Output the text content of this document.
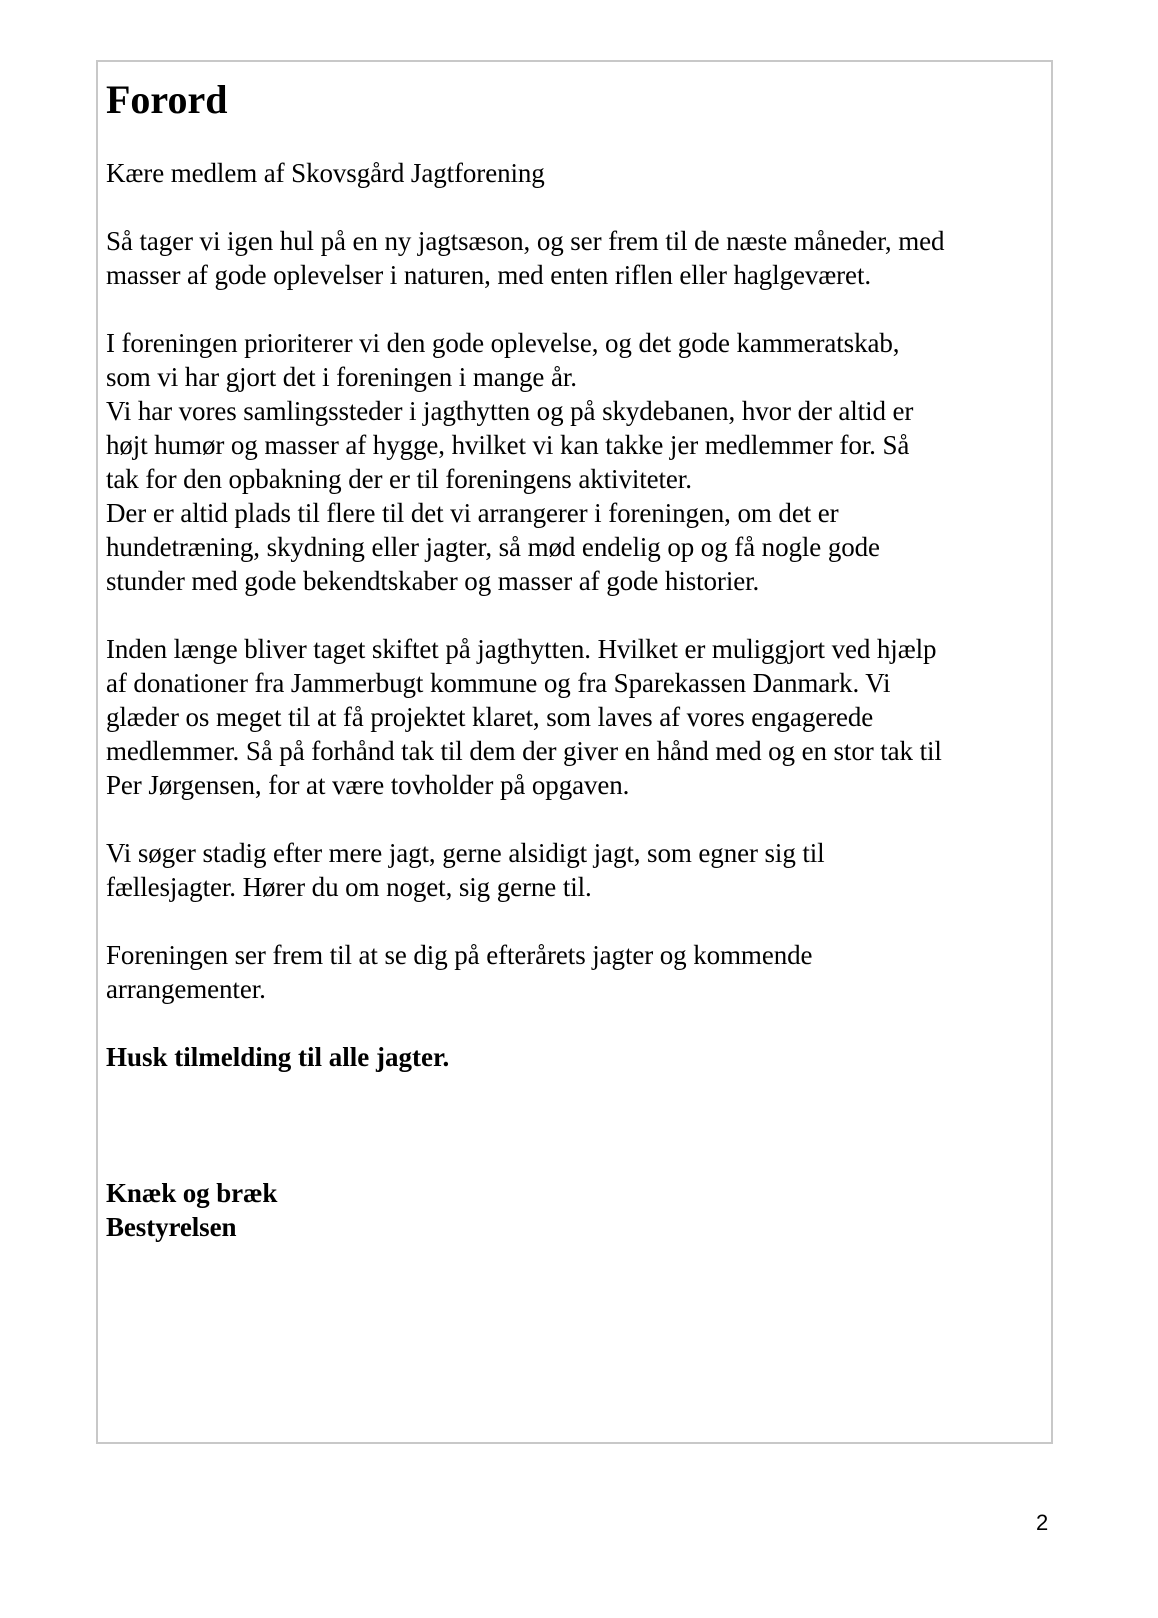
Forord

Kære medlem af Skovsgård Jagtforening

Så tager vi igen hul på en ny jagtsæson, og ser frem til de næste måneder, med

masser af gode oplevelser i naturen, med enten riflen eller haglgeværet.

I foreningen prioriterer vi den gode oplevelse, og det gode kammeratskab,

som vi har gjort det i foreningen i mange år.

Vi har vores samlingssteder i jagthytten og på skydebanen, hvor der altid er

højt humør og masser af hygge, hvilket vi kan takke jer medlemmer for. Så

tak for den opbakning der er til foreningens aktiviteter.

Der er altid plads til flere til det vi arrangerer i foreningen, om det er

hundetræning, skydning eller jagter, så mød endelig op og få nogle gode

stunder med gode bekendtskaber og masser af gode historier.

Inden længe bliver taget skiftet på jagthytten. Hvilket er muliggjort ved hjælp

af donationer fra Jammerbugt kommune og fra Sparekassen Danmark. Vi

glæder os meget til at få projektet klaret, som laves af vores engagerede

medlemmer. Så på forhånd tak til dem der giver en hånd med og en stor tak til

Per Jørgensen, for at være tovholder på opgaven.

Vi søger stadig efter mere jagt, gerne alsidigt jagt, som egner sig til

fællesjagter. Hører du om noget, sig gerne til.

Foreningen ser frem til at se dig på efterårets jagter og kommende

arrangementer.

Husk tilmelding til alle jagter.

Knæk og bræk

Bestyrelsen

2
